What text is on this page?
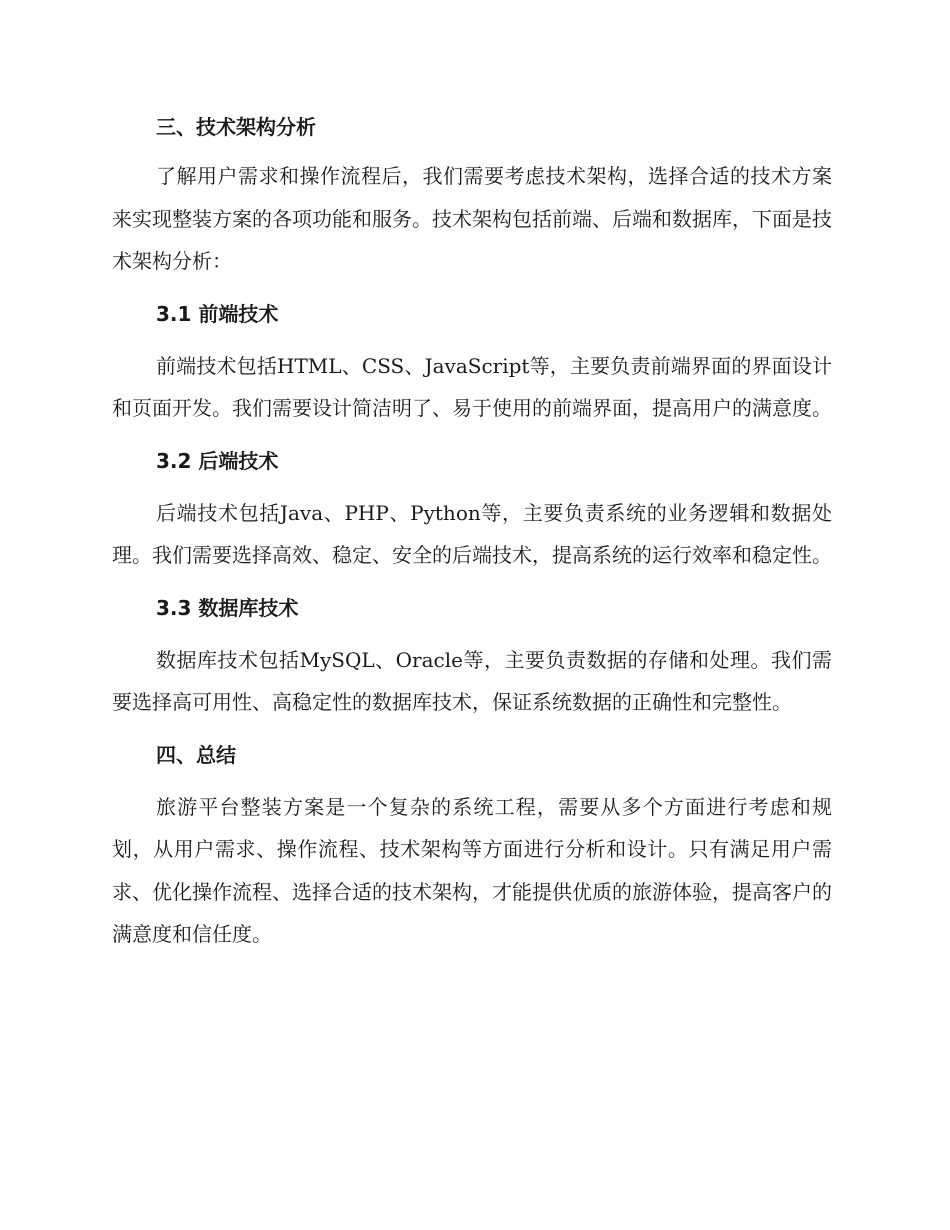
三、技术架构分析

了解用户需求和操作流程后，我们需要考虑技术架构，选择合适的技术方案来实现整装方案的各项功能和服务。技术架构包括前端、后端和数据库，下面是技术架构分析：

3.1 前端技术

前端技术包括HTML、CSS、JavaScript等，主要负责前端界面的界面设计和页面开发。我们需要设计简洁明了、易于使用的前端界面，提高用户的满意度。

3.2 后端技术

后端技术包括Java、PHP、Python等，主要负责系统的业务逻辑和数据处理。我们需要选择高效、稳定、安全的后端技术，提高系统的运行效率和稳定性。

3.3 数据库技术

数据库技术包括MySQL、Oracle等，主要负责数据的存储和处理。我们需要选择高可用性、高稳定性的数据库技术，保证系统数据的正确性和完整性。

四、总结

旅游平台整装方案是一个复杂的系统工程，需要从多个方面进行考虑和规划，从用户需求、操作流程、技术架构等方面进行分析和设计。只有满足用户需求、优化操作流程、选择合适的技术架构，才能提供优质的旅游体验，提高客户的满意度和信任度。
